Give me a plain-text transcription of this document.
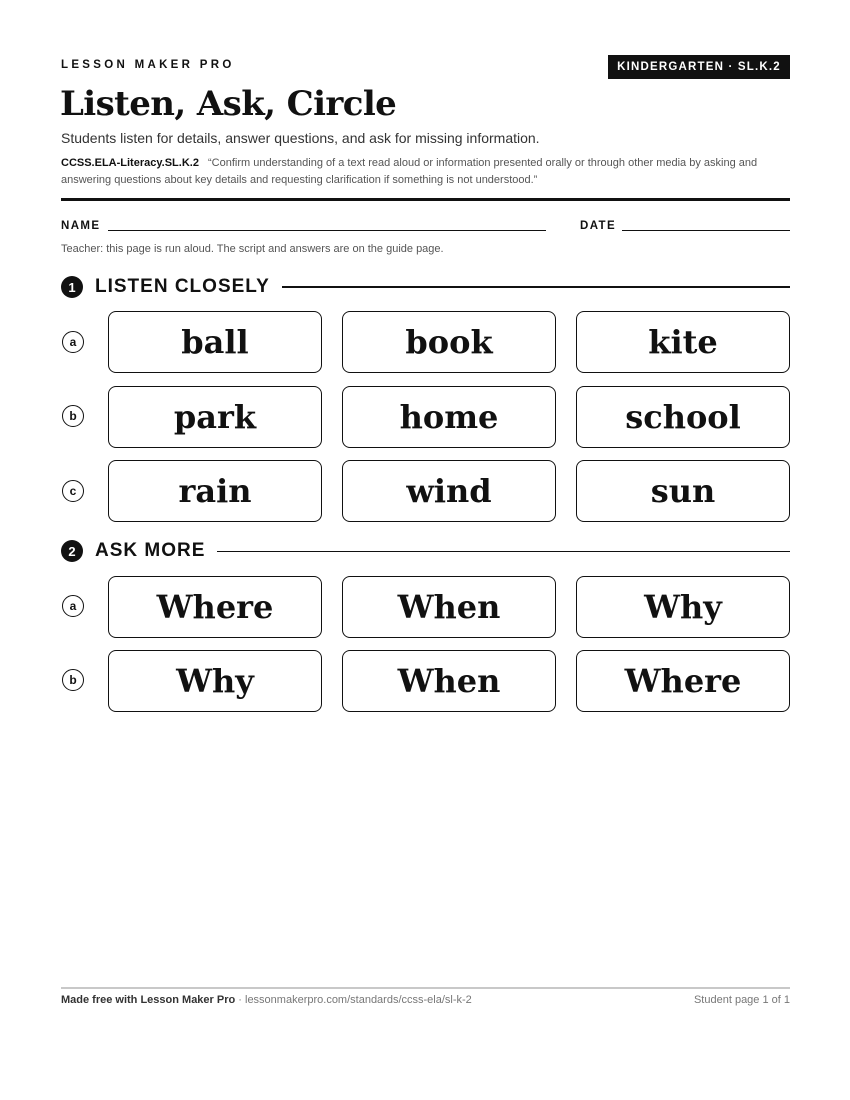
LESSON MAKER PRO	KINDERGARTEN · SL.K.2
Listen, Ask, Circle
Students listen for details, answer questions, and ask for missing information.
CCSS.ELA-Literacy.SL.K.2 “Confirm understanding of a text read aloud or information presented orally or through other media by asking and answering questions about key details and requesting clarification if something is not understood.”
NAME	DATE
Teacher: this page is run aloud. The script and answers are on the guide page.
1	LISTEN CLOSELY
a	ball	book	kite
b	park	home	school
c	rain	wind	sun
2	ASK MORE
a	Where	When	Why
b	Why	When	Where
Made free with Lesson Maker Pro · lessonmakerpro.com/standards/ccss-ela/sl-k-2	Student page 1 of 1
